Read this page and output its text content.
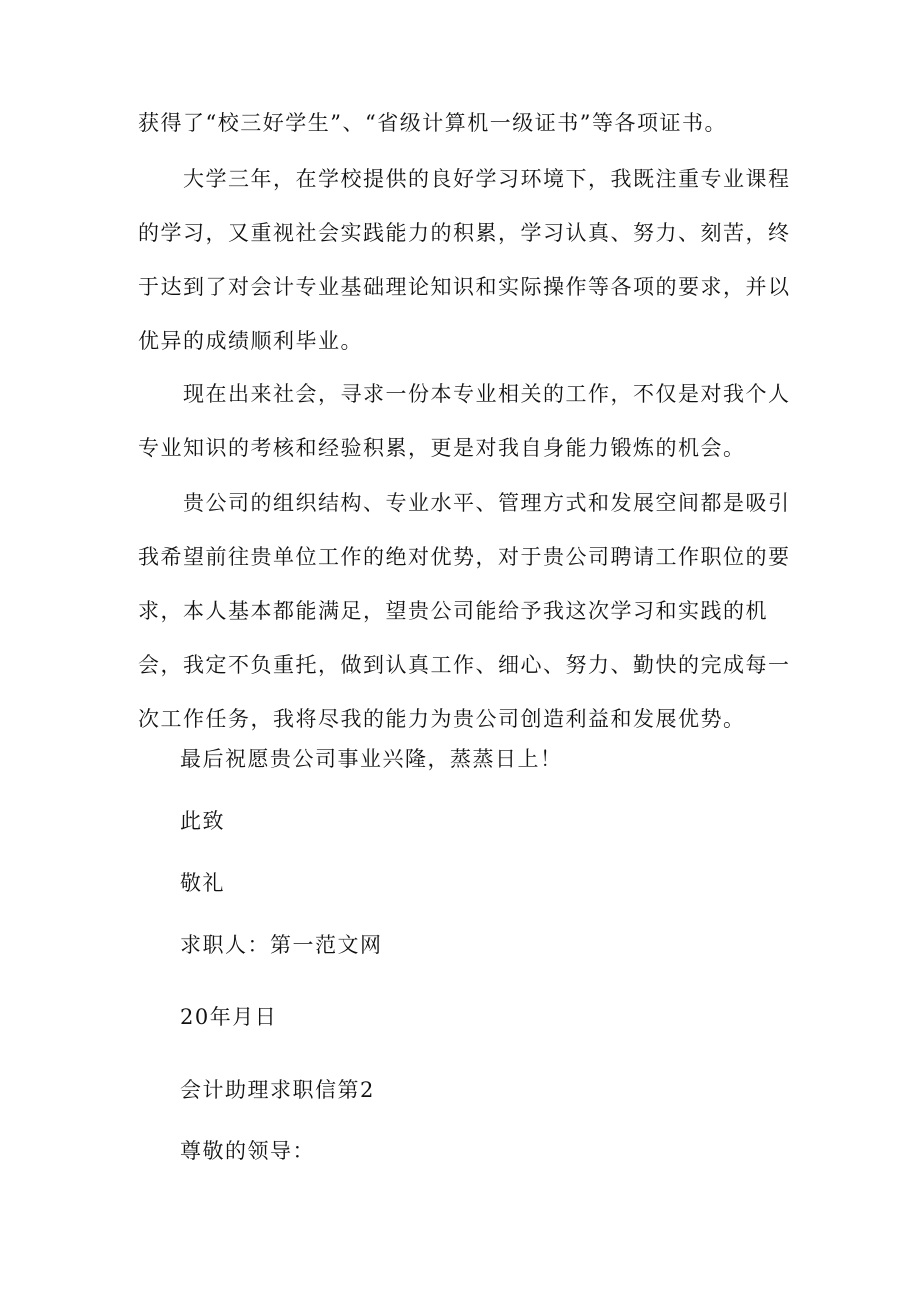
获得了“校三好学生”、“省级计算机一级证书”等各项证书。

大学三年，在学校提供的良好学习环境下，我既注重专业课程的学习，又重视社会实践能力的积累，学习认真、努力、刻苦，终于达到了对会计专业基础理论知识和实际操作等各项的要求，并以优异的成绩顺利毕业。

现在出来社会，寻求一份本专业相关的工作，不仅是对我个人专业知识的考核和经验积累，更是对我自身能力锻炼的机会。

贵公司的组织结构、专业水平、管理方式和发展空间都是吸引我希望前往贵单位工作的绝对优势，对于贵公司聘请工作职位的要求，本人基本都能满足，望贵公司能给予我这次学习和实践的机会，我定不负重托，做到认真工作、细心、努力、勤快的完成每一次工作任务，我将尽我的能力为贵公司创造利益和发展优势。

最后祝愿贵公司事业兴隆，蒸蒸日上！

此致

敬礼

求职人：第一范文网

20年月日

会计助理求职信第2

尊敬的领导：
